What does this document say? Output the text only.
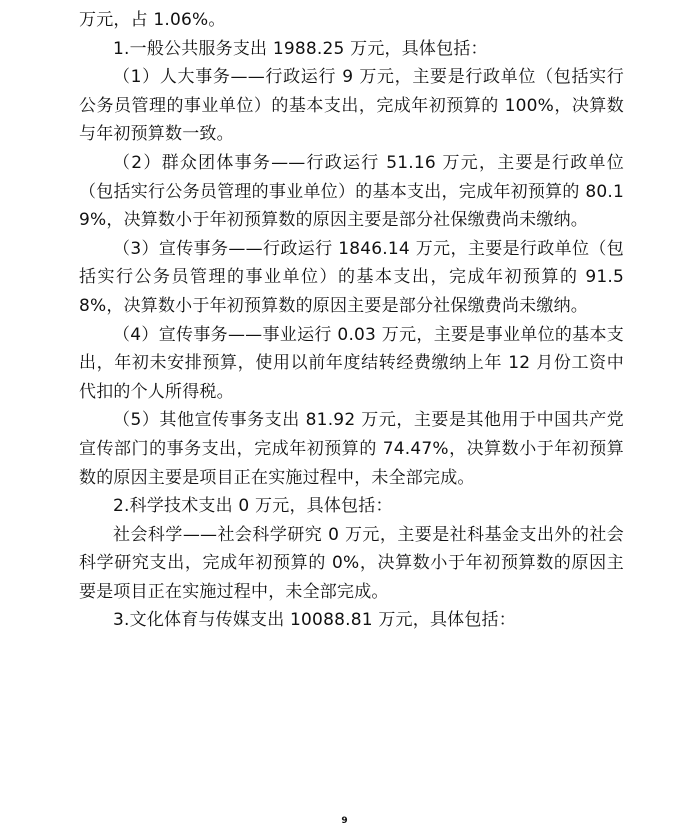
万元，占 1.06%。

1.一般公共服务支出 1988.25 万元，具体包括：

（1）人大事务——行政运行 9 万元，主要是行政单位（包括实行公务员管理的事业单位）的基本支出，完成年初预算的 100%，决算数与年初预算数一致。

（2）群众团体事务——行政运行 51.16 万元，主要是行政单位（包括实行公务员管理的事业单位）的基本支出，完成年初预算的 80.19%，决算数小于年初预算数的原因主要是部分社保缴费尚未缴纳。

（3）宣传事务——行政运行 1846.14 万元，主要是行政单位（包括实行公务员管理的事业单位）的基本支出，完成年初预算的 91.58%，决算数小于年初预算数的原因主要是部分社保缴费尚未缴纳。

（4）宣传事务——事业运行 0.03 万元，主要是事业单位的基本支出，年初未安排预算，使用以前年度结转经费缴纳上年 12 月份工资中代扣的个人所得税。

（5）其他宣传事务支出 81.92 万元，主要是其他用于中国共产党宣传部门的事务支出，完成年初预算的 74.47%，决算数小于年初预算数的原因主要是项目正在实施过程中，未全部完成。

2.科学技术支出 0 万元，具体包括：

社会科学——社会科学研究 0 万元，主要是社科基金支出外的社会科学研究支出，完成年初预算的 0%，决算数小于年初预算数的原因主要是项目正在实施过程中，未全部完成。

3.文化体育与传媒支出 10088.81 万元，具体包括：

9
